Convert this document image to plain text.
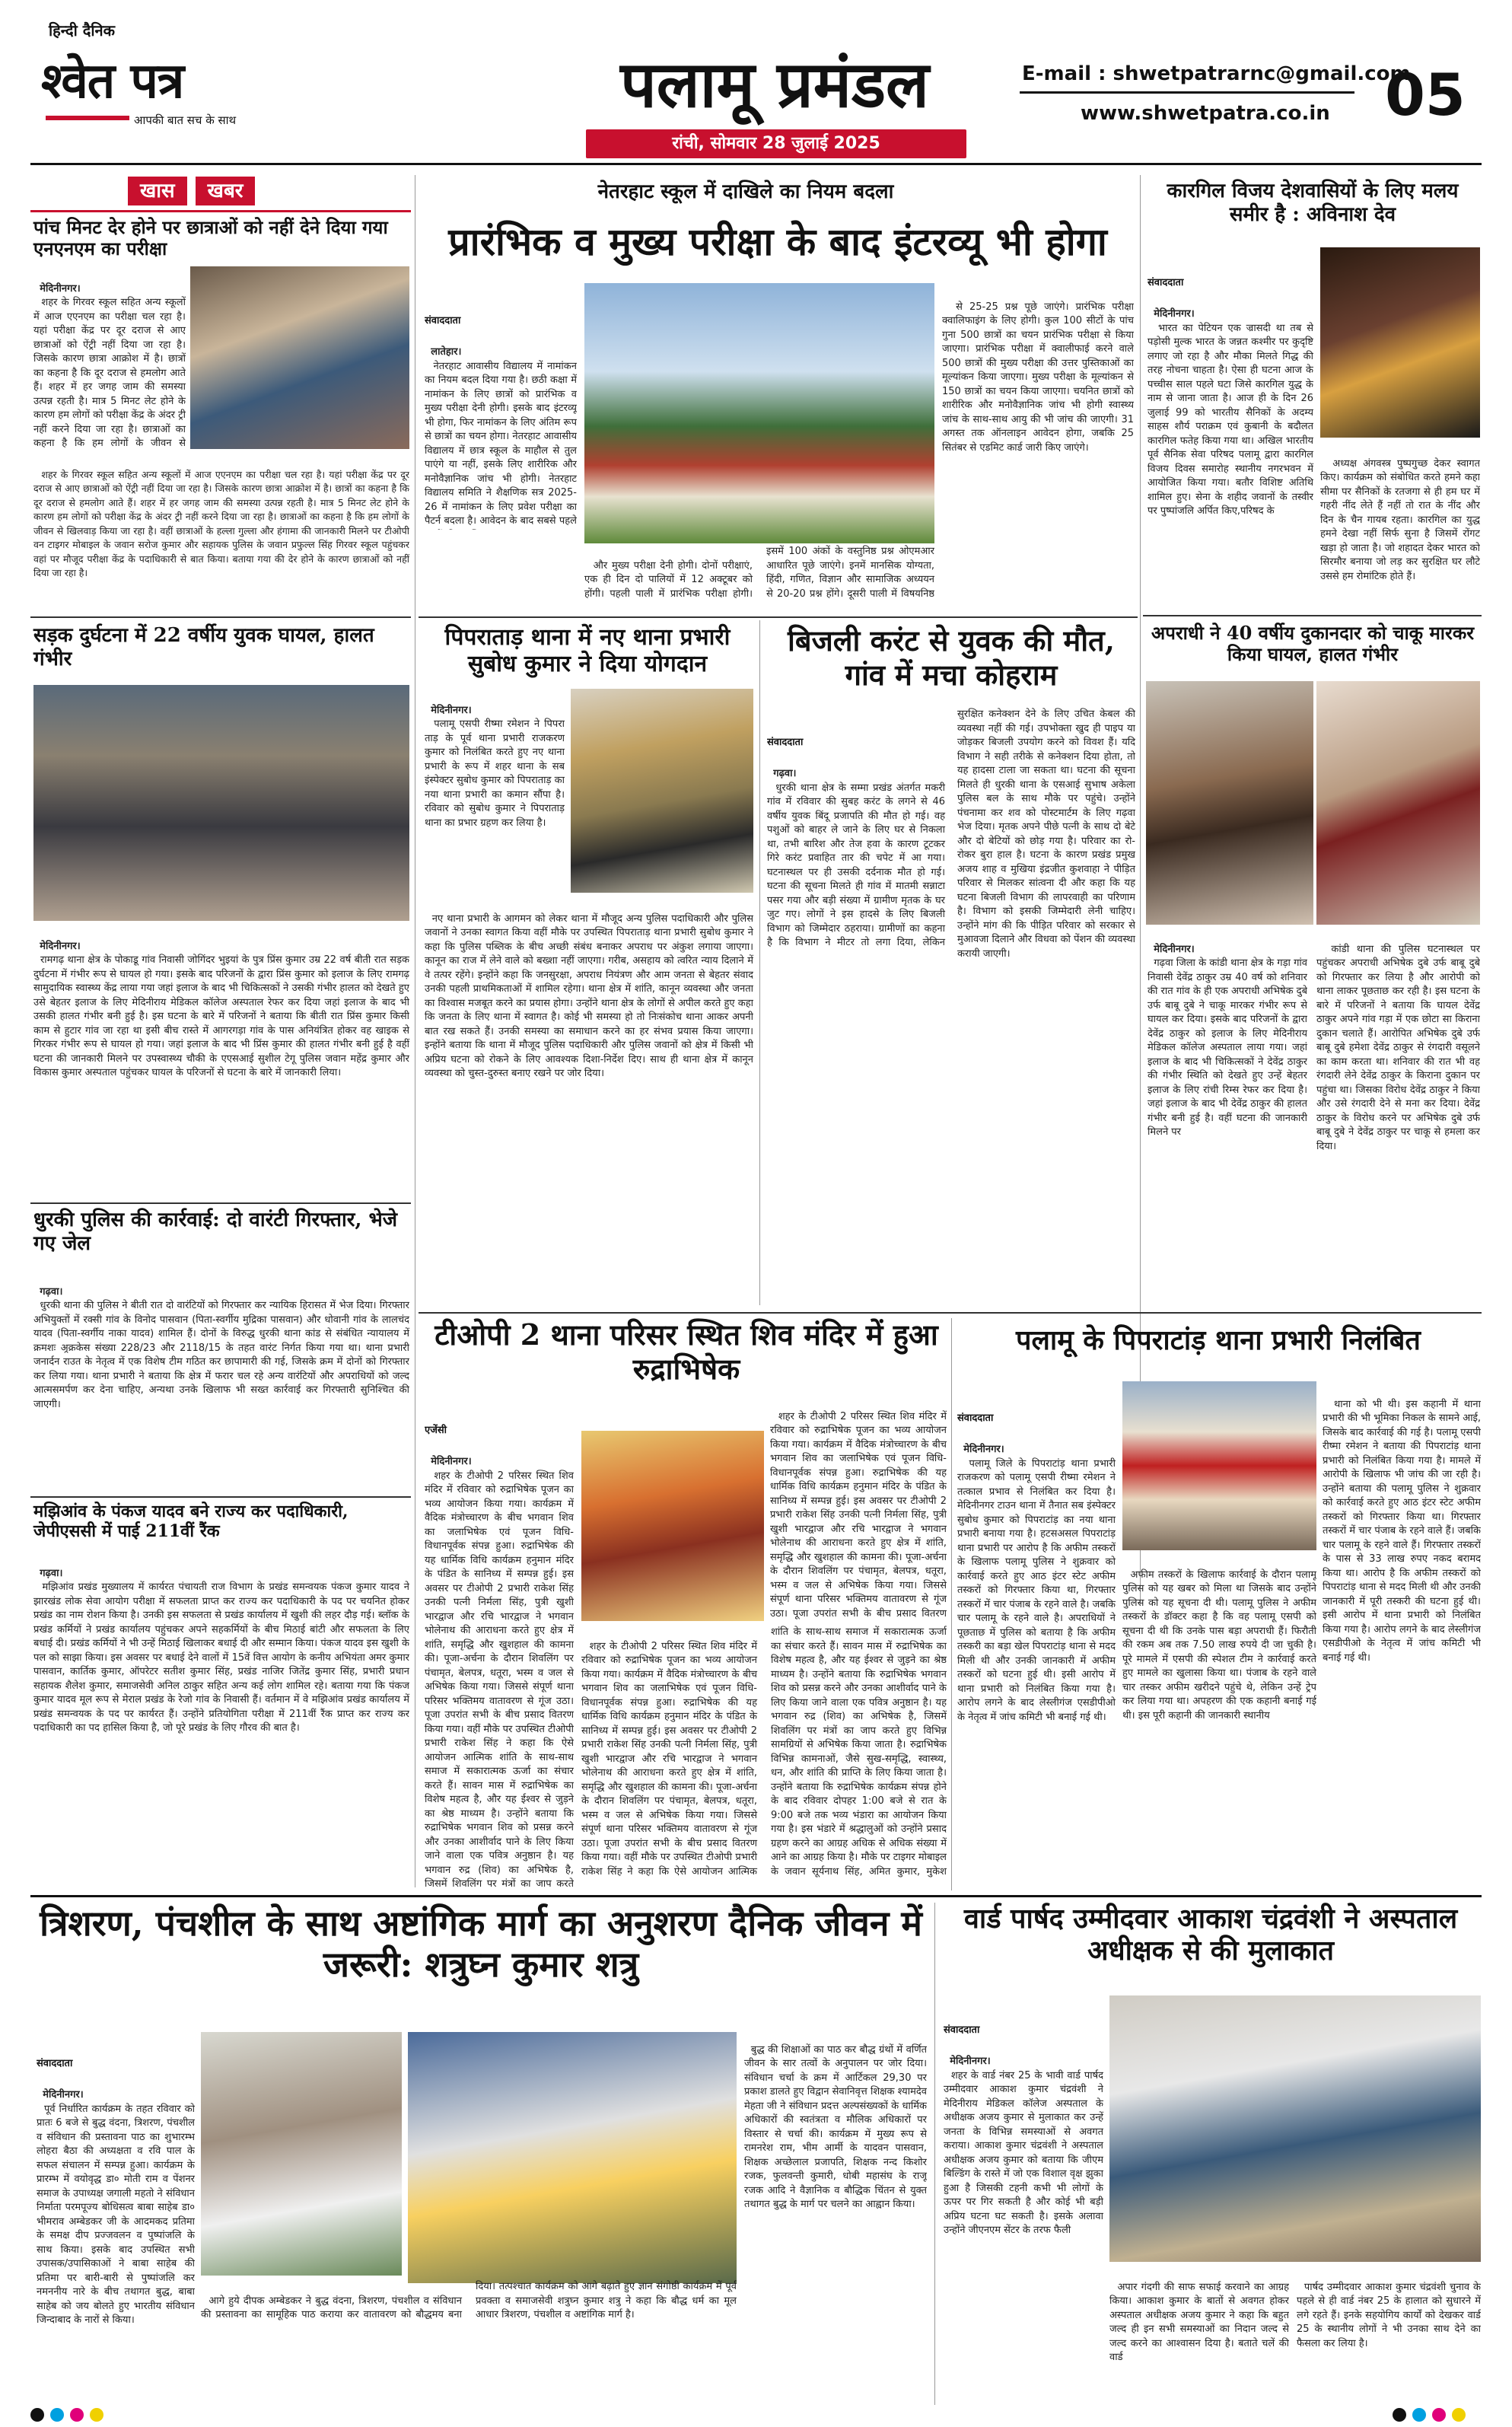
हिन्दी दैनिक
श्वेत पत्र
आपकी बात सच के साथ	पलामू प्रमंडल
रांची, सोमवार 28 जुलाई 2025
E-mail : shwetpatrarnc@gmail.com
www.shwetpatra.co.in 05
खास खबर
पांच मिनट देर होने पर छात्राओं को नहीं देने दिया गया एनएनएम का परीक्षा

मेदिनीनगर।
शहर के गिरवर स्कूल सहित अन्य स्कूलों में आज एएनएम का परीक्षा चल रहा है। यहां परीक्षा केंद्र पर दूर दराज से आए छात्राओं को ऐंट्री नहीं दिया जा रहा है। जिसके कारण छात्रा आक्रोश में है। छात्रों का कहना है कि दूर दराज से हमलोग आते हैं। शहर में हर जगह जाम की समस्या उत्पन्न रहती है। मात्र 5 मिनट लेट होने के कारण हम लोगों को परीक्षा केंद्र के अंदर ट्री नहीं करने दिया जा रहा है। छात्राओं का कहना है कि हम लोगों के जीवन से

शहर के गिरवर स्कूल सहित अन्य स्कूलों में आज एएनएम का परीक्षा चल रहा है। यहां परीक्षा केंद्र पर दूर दराज से आए छात्राओं को ऐंट्री नहीं दिया जा रहा है। जिसके कारण छात्रा आक्रोश में है। छात्रों का कहना है कि दूर दराज से हमलोग आते हैं। शहर में हर जगह जाम की समस्या उत्पन्न रहती है। मात्र 5 मिनट लेट होने के कारण हम लोगों को परीक्षा केंद्र के अंदर ट्री नहीं करने दिया जा रहा है। छात्राओं का कहना है कि हम लोगों के जीवन से खिलवाड़ किया जा रहा है। वहीं छात्राओं के हल्ला गुल्ला और हंगामा की जानकारी मिलने पर टीओपी वन टाइगर मोबाइल के जवान सरोज कुमार और सहायक पुलिस के जवान प्रफुल्ल सिंह गिरवर स्कूल पहुंचकर वहां पर मौजूद परीक्षा केंद्र के पदाधिकारी से बात किया। बताया गया की देर होने के कारण छात्राओं को नहीं दिया जा रहा है।

सड़क दुर्घटना में 22 वर्षीय युवक घायल, हालत गंभीर

मेदिनीनगर।
रामगढ़ थाना क्षेत्र के पोकाडू गांव निवासी जोगिंदर भुइयां के पुत्र प्रिंस कुमार उम्र 22 वर्ष बीती रात सड़क दुर्घटना में गंभीर रूप से घायल हो गया। इसके बाद परिजनों के द्वारा प्रिंस कुमार को इलाज के लिए रामगढ़ सामुदायिक स्वास्थ्य केंद्र लाया गया जहां इलाज के बाद भी चिकित्सकों ने उसकी गंभीर हालत को देखते हुए उसे बेहतर इलाज के लिए मेदिनीराय मेडिकल कॉलेज अस्पताल रेफर कर दिया जहां इलाज के बाद भी उसकी हालत गंभीर बनी हुई है। इस घटना के बारे में परिजनों ने बताया कि बीती रात प्रिंस कुमार किसी काम से हुटार गांव जा रहा था इसी बीच रास्ते में आगरगड़ा गांव के पास अनियंत्रित होकर वह खाइक से गिरकर गंभीर रूप से घायल हो गया। जहां इलाज के बाद भी प्रिंस कुमार की हालत गंभीर बनी हुई है वहीं घटना की जानकारी मिलने पर उपस्वास्थ्य चौकी के एएसआई सुशील टेगू पुलिस जवान महेंद्र कुमार और विकास कुमार अस्पताल पहुंचकर घायल के परिजनों से घटना के बारे में जानकारी लिया।

धुरकी पुलिस की कार्रवाई: दो वारंटी गिरफ्तार, भेजे गए जेल

गढ़वा।
धुरकी थाना की पुलिस ने बीती रात दो वारंटियों को गिरफ्तार कर न्यायिक हिरासत में भेज दिया। गिरफ्तार अभियुक्तों में रक्सी गांव के विनोद पासवान (पिता-स्वर्गीय मुद्रिका पासवान) और धोवानी गांव के लालचंद यादव (पिता-स्वर्गीय नाका यादव) शामिल हैं। दोनों के विरुद्ध धुरकी थाना कांड से संबंधित न्यायालय में क्रमशः अ्रक्रकेस संख्या 228/23 और 2118/15 के तहत वारंट निर्गत किया गया था। थाना प्रभारी जनार्दन राउत के नेतृत्व में एक विशेष टीम गठित कर छापामारी की गई, जिसके क्रम में दोनों को गिरफ्तार कर लिया गया। थाना प्रभारी ने बताया कि क्षेत्र में फरार चल रहे अन्य वारंटियों और अपराधियों को जल्द आत्मसमर्पण कर देना चाहिए, अन्यथा उनके खिलाफ भी सख्त कार्रवाई कर गिरफ्तारी सुनिश्चित की जाएगी।

मझिआंव के पंकज यादव बने राज्य कर पदाधिकारी, जेपीएससी में पाई 211वीं रैंक

गढ़वा।
मझिआंव प्रखंड मुख्यालय में कार्यरत पंचायती राज विभाग के प्रखंड समन्वयक पंकज कुमार यादव ने झारखंड लोक सेवा आयोग परीक्षा में सफलता प्राप्त कर राज्य कर पदाधिकारी के पद पर चयनित होकर प्रखंड का नाम रोशन किया है। उनकी इस सफलता से प्रखंड कार्यालय में खुशी की लहर दौड़ गई। ब्लॉक के प्रखंड कर्मियों ने प्रखंड कार्यालय पहुंचकर अपने सहकर्मियों के बीच मिठाई बांटी और सफलता के लिए बधाई दी। प्रखंड कर्मियों ने भी उन्हें मिठाई खिलाकर बधाई दी और सम्मान किया। पंकज यादव इस खुशी के पल को साझा किया। इस अवसर पर बधाई देने वालों में 15वें वित्त आयोग के कनीय अभियंता अमर कुमार पासवान, कार्तिक कुमार, ऑपरेटर सतीश कुमार सिंह, प्रखंड नाजिर जितेंद्र कुमार सिंह, प्रभारी प्रधान सहायक शैलेश कुमार, समाजसेवी अनिल ठाकुर सहित अन्य कई लोग शामिल रहे। बताया गया कि पंकज कुमार यादव मूल रूप से मेराल प्रखंड के रेजो गांव के निवासी हैं। वर्तमान में वे मझिआंव प्रखंड कार्यालय में प्रखंड समन्वयक के पद पर कार्यरत हैं। उन्होंने प्रतियोगिता परीक्षा में 211वीं रैंक प्राप्त कर राज्य कर पदाधिकारी का पद हासिल किया है, जो पूरे प्रखंड के लिए गौरव की बात है।

नेतरहाट स्कूल में दाखिले का नियम बदला
प्रारंभिक व मुख्य परीक्षा के बाद इंटरव्यू भी होगा

संवाददाता

लातेहार।
नेतरहाट आवासीय विद्यालय में नामांकन का नियम बदल दिया गया है। छठी कक्षा में नामांकन के लिए छात्रों को प्रारंभिक व मुख्य परीक्षा देनी होगी। इसके बाद इंटरव्यू भी होगा, फिर नामांकन के लिए अंतिम रूप से छात्रों का चयन होगा। नेतरहाट आवासीय विद्यालय में छात्र स्कूल के माहौल से तुल पाएंगे या नहीं, इसके लिए शारीरिक और मनोवैज्ञानिक जांच भी होगी। नेतरहाट विद्यालय समिति ने शैक्षणिक सत्र 2025-26 में नामांकन के लिए प्रवेश परीक्षा का पैटर्न बदला है। आवेदन के बाद सबसे पहले

और मुख्य परीक्षा देनी होगी। दोनों परीक्षाएं, एक ही दिन दो पालियों में 12 अक्टूबर को होंगी। पहली पाली में प्रारंभिक परीक्षा होगी। इसमें 100 अंकों के वस्तुनिष्ठ प्रश्न ओएमआर आधारित पूछे जाएंगे। इनमें मानसिक योग्यता, हिंदी, गणित, विज्ञान और सामाजिक अध्ययन से 20-20 प्रश्न होंगे। दूसरी पाली में विषयनिष्ठ

से 25-25 प्रश्न पूछे जाएंगे। प्रारंभिक परीक्षा क्वालिफाइंग के लिए होगी। कुल 100 सीटों के पांच गुना 500 छात्रों का चयन प्रारंभिक परीक्षा से किया जाएगा। प्रारंभिक परीक्षा में क्वालीफाई करने वाले 500 छात्रों की मुख्य परीक्षा की उत्तर पुस्तिकाओं का मूल्यांकन किया जाएगा। मुख्य परीक्षा के मूल्यांकन से 150 छात्रों का चयन किया जाएगा। चयनित छात्रों को शारीरिक और मनोवैज्ञानिक जांच भी होगी स्वास्थ्य जांच के साथ-साथ आयु की भी जांच की जाएगी। 31 अगस्त तक ऑनलाइन आवेदन होगा, जबकि 25 सितंबर से एडमिट कार्ड जारी किए जाएंगे।

कारगिल विजय देशवासियों के लिए मलय समीर है : अविनाश देव

संवाददाता

मेदिनीनगर।
भारत का पेटियन एक ज्रासदी था तब से पड़ोसी मुल्क भारत के जन्नत कश्मीर पर कुदृष्टि लगाए जो रहा है और मौका मिलते गिद्ध की तरह नोचना चाहता है। ऐसा ही घटना आज के पच्चीस साल पहले घटा जिसे कारगिल युद्ध के नाम से जाना जाता है। आज ही के दिन 26 जुलाई 99 को भारतीय सैनिकों के अदम्य साहस शौर्य पराक्रम एवं कुबानी के बदौलत कारगिल फतेह किया गया था। अखिल भारतीय पूर्व सैनिक सेवा परिषद पलामू द्वारा कारगिल विजय दिवस समारोह स्थानीय नगरभवन में आयोजित किया गया। बतौर विशिष्ट अतिथि शामिल हुए। सेना के शहीद जवानों के तस्वीर पर पुष्पांजलि अर्पित किए,परिषद के

अध्यक्ष अंगवस्त्र पुष्पगुच्छ देकर स्वागत किए। कार्यक्रम को संबोधित करते हमने कहा सीमा पर सैनिकों के रतजगा से ही हम घर में गहरी नींद लेते हैं नहीं तो रात के नींद और दिन के चैन गायब रहता। कारगिल का युद्ध हमने देखा नहीं सिर्फ सुना है जिसमें रोंगट खड़ा हो जाता है। जो शहादत देकर भारत को सिरमौर बनाया जो लड़ कर सुरक्षित घर लौटे उससे हम रोमांटिक होते हैं।

अपराधी ने 40 वर्षीय दुकानदार को चाकू मारकर किया घायल, हालत गंभीर

मेदिनीनगर।
गढ़वा जिला के कांडी थाना क्षेत्र के गड़ा गांव निवासी देवेंद्र ठाकुर उम्र 40 वर्ष को शनिवार की रात गांव के ही एक अपराधी अभिषेक दुबे उर्फ बाबू दुबे ने चाकू मारकर गंभीर रूप से घायल कर दिया। इसके बाद परिजनों के द्वारा देवेंद्र ठाकुर को इलाज के लिए मेदिनीराय मेडिकल कॉलेज अस्पताल लाया गया। जहां इलाज के बाद भी चिकित्सकों ने देवेंद्र ठाकुर की गंभीर स्थिति को देखते हुए उन्हें बेहतर इलाज के लिए रांची रिम्स रेफर कर दिया है। जहां इलाज के बाद भी देवेंद्र ठाकुर की हालत गंभीर बनी हुई है। वहीं घटना की जानकारी मिलने पर

कांडी थाना की पुलिस घटनास्थल पर पहुंचकर अपराधी अभिषेक दुबे उर्फ बाबू दुबे को गिरफ्तार कर लिया है और आरोपी को थाना लाकर पूछताछ कर रही है। इस घटना के बारे में परिजनों ने बताया कि घायल देवेंद्र ठाकुर अपने गांव गड़ा में एक छोटा सा किराना दुकान चलाते हैं। आरोपित अभिषेक दुबे उर्फ बाबू दुबे हमेशा देवेंद्र ठाकुर से रंगदारी वसूलने का काम करता था। शनिवार की रात भी वह रंगदारी लेने देवेंद्र ठाकुर के किराना दुकान पर पहुंचा था। जिसका विरोध देवेंद्र ठाकुर ने किया और उसे रंगदारी देने से मना कर दिया। देवेंद्र ठाकुर के विरोध करने पर अभिषेक दुबे उर्फ बाबू दुबे ने देवेंद्र ठाकुर पर चाकू से हमला कर दिया।

पिपराताड़ थाना में नए थाना प्रभारी सुबोध कुमार ने दिया योगदान

मेदिनीनगर।
पलामू एसपी रीष्मा रमेशन ने पिपरा ताड़ के पूर्व थाना प्रभारी राजकरण कुमार को निलंबित करते हुए नए थाना प्रभारी के रूप में शहर थाना के सब इंस्पेक्टर सुबोध कुमार को पिपराताड़ का नया थाना प्रभारी का कमान सौंपा है। रविवार को सुबोध कुमार ने पिपराताड़ थाना का प्रभार ग्रहण कर लिया है।

नए थाना प्रभारी के आगमन को लेकर थाना में मौजूद अन्य पुलिस पदाधिकारी और पुलिस जवानों ने उनका स्वागत किया वहीं मौके पर उपस्थित पिपराताड़ थाना प्रभारी सुबोध कुमार ने कहा कि पुलिस पब्लिक के बीच अच्छी संबंध बनाकर अपराध पर अंकुश लगाया जाएगा। कानून का राज में लेने वाले को बख्शा नहीं जाएगा। गरीब, असहाय को त्वरित न्याय दिलाने में वे तत्पर रहेंगे। इन्होंने कहा कि जनसुरक्षा, अपराध नियंत्रण और आम जनता से बेहतर संवाद उनकी पहली प्राथमिकताओं में शामिल रहेगा। थाना क्षेत्र में शांति, कानून व्यवस्था और जनता का विश्वास मजबूत करने का प्रयास होगा। उन्होंने थाना क्षेत्र के लोगों से अपील करते हुए कहा कि जनता के लिए थाना में स्वागत है। कोई भी समस्या हो तो निःसंकोच थाना आकर अपनी बात रख सकते हैं। उनकी समस्या का समाधान करने का हर संभव प्रयास किया जाएगा। इन्होंने बताया कि थाना में मौजूद पुलिस पदाधिकारी और पुलिस जवानों को क्षेत्र में किसी भी अप्रिय घटना को रोकने के लिए आवश्यक दिशा-निर्देश दिए। साथ ही थाना क्षेत्र में कानून व्यवस्था को चुस्त-दुरुस्त बनाए रखने पर जोर दिया।

बिजली करंट से युवक की मौत, गांव में मचा कोहराम

संवाददाता

गढ़वा।
धुरकी थाना क्षेत्र के सम्मा प्रखंड अंतर्गत मकरी गांव में रविवार की सुबह करंट के लगने से 46 वर्षीय युवक बिंदू प्रजापति की मौत हो गई। वह पशुओं को बाहर ले जाने के लिए घर से निकला था, तभी बारिश और तेज हवा के कारण टूटकर गिरे करंट प्रवाहित तार की चपेट में आ गया। घटनास्थल पर ही उसकी दर्दनाक मौत हो गई। घटना की सूचना मिलते ही गांव में मातमी सन्नाटा पसर गया और बड़ी संख्या में ग्रामीण मृतक के घर जुट गए। लोगों ने इस हादसे के लिए बिजली विभाग को जिम्मेदार ठहराया। ग्रामीणों का कहना है कि विभाग ने मीटर तो लगा दिया, लेकिन सुरक्षित कनेक्शन देने के लिए उचित केबल की व्यवस्था नहीं की गई। उपभोक्ता खुद ही पाइप या जोड़कर बिजली उपयोग करने को विवश हैं। यदि विभाग ने सही तरीके से कनेक्शन दिया होता, तो यह हादसा टाला जा सकता था। घटना की सूचना मिलते ही धुरकी थाना के एसआई सुभाष अकेला पुलिस बल के साथ मौके पर पहुंचे। उन्होंने पंचनामा कर शव को पोस्टमार्टम के लिए गढ़वा भेज दिया। मृतक अपने पीछे पत्नी के साथ दो बेटे और दो बेटियों को छोड़ गया है। परिवार का रो-रोकर बुरा हाल है। घटना के कारण प्रखंड प्रमुख अजय शाह व मुखिया इंद्रजीत कुशवाहा ने पीड़ित परिवार से मिलकर सांत्वना दी और कहा कि यह घटना बिजली विभाग की लापरवाही का परिणाम है। विभाग को इसकी जिम्मेदारी लेनी चाहिए। उन्होंने मांग की कि पीड़ित परिवार को सरकार से मुआवजा दिलाने और विधवा को पेंशन की व्यवस्था करायी जाएगी।

टीओपी 2 थाना परिसर स्थित शिव मंदिर में हुआ रुद्राभिषेक

एजेंसी

मेदिनीनगर।
शहर के टीओपी 2 परिसर स्थित शिव मंदिर में रविवार को रुद्राभिषेक पूजन का भव्य आयोजन किया गया। कार्यक्रम में वैदिक मंत्रोच्चारण के बीच भगवान शिव का जलाभिषेक एवं पूजन विधि-विधानपूर्वक संपन्न हुआ। रुद्राभिषेक की यह धार्मिक विधि कार्यक्रम हनुमान मंदिर के पंडित के सानिध्य में सम्पन्न हुई। इस अवसर पर टीओपी 2 प्रभारी राकेश सिंह उनकी पत्नी निर्मला सिंह, पुत्री खुशी भारद्वाज और रचि भारद्वाज ने भगवान भोलेनाथ की आराधना करते हुए क्षेत्र में शांति, समृद्धि और खुशहाल की कामना की। पूजा-अर्चना के दौरान शिवलिंग पर पंचामृत, बेलपत्र, धतूरा, भस्म व जल से अभिषेक किया गया। जिससे संपूर्ण थाना परिसर भक्तिमय वातावरण से गूंज उठा। पूजा उपरांत सभी के बीच प्रसाद वितरण किया गया। वहीं मौके पर उपस्थित टीओपी प्रभारी राकेश सिंह ने कहा कि ऐसे आयोजन आत्मिक शांति के साथ-साथ समाज में सकारात्मक ऊर्जा का संचार करते हैं। सावन मास में रुद्राभिषेक का विशेष महत्व है, और यह ईश्वर से जुड़ने का श्रेष्ठ माध्यम है। उन्होंने बताया कि रुद्राभिषेक भगवान शिव को प्रसन्न करने और उनका आशीर्वाद पाने के लिए किया जाने वाला एक पवित्र अनुष्ठान है। यह भगवान रुद्र (शिव) का अभिषेक है, जिसमें शिवलिंग पर मंत्रों का जाप करते

शहर के टीओपी 2 परिसर स्थित शिव मंदिर में रविवार को रुद्राभिषेक पूजन का भव्य आयोजन किया गया। कार्यक्रम में वैदिक मंत्रोच्चारण के बीच भगवान शिव का जलाभिषेक एवं पूजन विधि-विधानपूर्वक संपन्न हुआ। रुद्राभिषेक की यह धार्मिक विधि कार्यक्रम हनुमान मंदिर के पंडित के सानिध्य में सम्पन्न हुई। इस अवसर पर टीओपी 2 प्रभारी राकेश सिंह उनकी पत्नी निर्मला सिंह, पुत्री खुशी भारद्वाज और रचि भारद्वाज ने भगवान भोलेनाथ की आराधना करते हुए क्षेत्र में शांति, समृद्धि और खुशहाल की कामना की। पूजा-अर्चना के दौरान शिवलिंग पर पंचामृत, बेलपत्र, धतूरा, भस्म व जल से अभिषेक किया गया। जिससे संपूर्ण थाना परिसर भक्तिमय वातावरण से गूंज उठा। पूजा उपरांत सभी के बीच प्रसाद वितरण किया गया। वहीं मौके पर उपस्थित टीओपी प्रभारी राकेश सिंह ने कहा कि ऐसे आयोजन आत्मिक शांति के साथ-साथ समाज में सकारात्मक ऊर्जा का संचार करते हैं। सावन मास में रुद्राभिषेक का विशेष महत्व है, और यह ईश्वर से जुड़ने का श्रेष्ठ माध्यम है। उन्होंने बताया कि रुद्राभिषेक भगवान शिव को प्रसन्न करने और उनका आशीर्वाद पाने के लिए किया जाने वाला एक पवित्र अनुष्ठान है। यह भगवान रुद्र (शिव) का अभिषेक है, जिसमें शिवलिंग पर मंत्रों का जाप करते हुए विभिन्न सामग्रियों से अभिषेक किया जाता है। रुद्राभिषेक विभिन्न कामनाओं, जैसे सुख-समृद्धि, स्वास्थ्य, धन, और शांति की प्राप्ति के लिए किया जाता है। उन्होंने बताया कि रुद्राभिषेक कार्यक्रम संपन्न होने के बाद रविवार दोपहर 1:00 बजे से रात के 9:00 बजे तक भव्य भंडारा का आयोजन किया गया है। इस भंडारे में श्रद्धालुओं को उन्होंने प्रसाद ग्रहण करने का आग्रह अधिक से अधिक संख्या में आने का आग्रह किया है। मौके पर टाइगर मोबाइल के जवान सूर्यनाथ सिंह, अमित कुमार, मुकेश

शहर के टीओपी 2 परिसर स्थित शिव मंदिर में रविवार को रुद्राभिषेक पूजन का भव्य आयोजन किया गया। कार्यक्रम में वैदिक मंत्रोच्चारण के बीच भगवान शिव का जलाभिषेक एवं पूजन विधि-विधानपूर्वक संपन्न हुआ। रुद्राभिषेक की यह धार्मिक विधि कार्यक्रम हनुमान मंदिर के पंडित के सानिध्य में सम्पन्न हुई। इस अवसर पर टीओपी 2 प्रभारी राकेश सिंह उनकी पत्नी निर्मला सिंह, पुत्री खुशी भारद्वाज और रचि भारद्वाज ने भगवान भोलेनाथ की आराधना करते हुए क्षेत्र में शांति, समृद्धि और खुशहाल की कामना की। पूजा-अर्चना के दौरान शिवलिंग पर पंचामृत, बेलपत्र, धतूरा, भस्म व जल से अभिषेक किया गया। जिससे संपूर्ण थाना परिसर भक्तिमय वातावरण से गूंज उठा। पूजा उपरांत सभी के बीच प्रसाद वितरण

पलामू के पिपराटांड़ थाना प्रभारी निलंबित

संवाददाता

मेदिनीनगर।
पलामू जिले के पिपराटांड़ थाना प्रभारी राजकरण को पलामू एसपी रीष्मा रमेशन ने तत्काल प्रभाव से निलंबित कर दिया है। मेदिनीनगर टाउन थाना में तैनात सब इंस्पेक्टर सुबोध कुमार को पिपराटांड़ का नया थाना प्रभारी बनाया गया है। हटसअसल पिपराटांड़ थाना प्रभारी पर आरोप है कि अफीम तस्करों के खिलाफ पलामू पुलिस ने शुक्रवार को कार्रवाई करते हुए आठ इंटर स्टेट अफीम तस्करों को गिरफ्तार किया था, गिरफ्तार तस्करों में चार पंजाब के रहने वाले है। जबकि चार पलामू के रहने वाले है। अपराधियों ने पूछताछ में पुलिस को बताया है कि अफीम तस्करी का बड़ा खेल पिपराटांड़ थाना से मदद मिली थी और उनकी जानकारी में अफीम तस्करों को घटना हुई थी। इसी आरोप में थाना प्रभारी को निलंबित किया गया है। आरोप लगने के बाद लेस्लीगंज एसडीपीओ के नेतृत्व में जांच कमिटी भी बनाई गई थी।

अफीम तस्करों के खिलाफ कार्रवाई के दौरान पलामू पुलिस को यह खबर को मिला था जिसके बाद उन्होंने पुलिस को यह सूचना दी थी। पलामू पुलिस ने अफीम तस्करों के डॉक्टर कहा है कि वह पलामू एसपी को सूचना दी थी कि उनके पास बड़ा अपराधी हैं। फिरौती की रकम अब तक 7.50 लाख रुपये दी जा चुकी है। पूरे मामले में एसपी की स्पेशल टीम ने कार्रवाई करते हुए मामले का खुलासा किया था। पंजाब के रहने वाले चार तस्कर अफीम खरीदने पहुंचे थे, लेकिन उन्हें ट्रेप कर लिया गया था। अपहरण की एक कहानी बनाई गई थी। इस पूरी कहानी की जानकारी स्थानीय

थाना को भी थी। इस कहानी में थाना प्रभारी की भी भूमिका निकल के सामने आई, जिसके बाद कार्रवाई की गई है। पलामू एसपी रीष्मा रमेशन ने बताया की पिपराटांड़ थाना प्रभारी को निलंबित किया गया है। मामले में आरोपी के खिलाफ भी जांच की जा रही है। उन्होंने बताया की पलामू पुलिस ने शुक्रवार को कार्रवाई करते हुए आठ इंटर स्टेट अफीम तस्करों को गिरफ्तार किया था। गिरफ्तार तस्करों में चार पंजाब के रहने वाले हैं। जबकि चार पलामू के रहने वाले हैं। गिरफ्तार तस्करों के पास से 33 लाख रुपए नकद बरामद किया था। आरोप है कि अफीम तस्करों को पिपराटांड़ थाना से मदद मिली थी और उनकी जानकारी में पूरी तस्करी की घटना हुई थी। इसी आरोप में थाना प्रभारी को निलंबित किया गया है। आरोप लगने के बाद लेस्लीगंज एसडीपीओ के नेतृत्व में जांच कमिटी भी बनाई गई थी।

त्रिशरण, पंचशील के साथ अष्टांगिक मार्ग का अनुशरण दैनिक जीवन में जरूरी: शत्रुघ्न कुमार शत्रु

संवाददाता

मेदिनीनगर।
पूर्व निर्धारित कार्यक्रम के तहत रविवार को प्रातः 6 बजे से बुद्ध वंदना, त्रिशरण, पंचशील व संविधान की प्रस्तावना पाठ का शुभारम्भ लोहरा बैठा की अध्यक्षता व रवि पाल के सफल संचालन में सम्पन्न हुआ। कार्यक्रम के प्रारम्भ में वयोवृद्ध डा० मोती राम व पेंशनर समाज के उपाध्यक्ष जगाली महतो ने संविधान निर्माता परमपूज्य बोधिसत्व बाबा साहेब डा० भीमराव अम्बेडकर जी के आदमकद प्रतिमा के समक्ष दीप प्रज्जवलन व पुष्पांजलि के साथ किया। इसके बाद उपस्थित सभी उपासक/उपासिकाओं ने बाबा साहेब की प्रतिमा पर बारी-बारी से पुष्पांजलि कर नमननीय नारे के बीच तथागत बुद्ध, बाबा साहेब को जय बोलते हुए भारतीय संविधान जिन्दाबाद के नारों से किया।

आगे हुये दीपक अम्बेडकर ने बुद्ध वंदना, त्रिशरण, पंचशील व संविधान की प्रस्तावना का सामूहिक पाठ कराया कर वातावरण को बौद्धमय बना दिया। तत्पश्चात कार्यक्रम को आगे बढ़ाते हुए ज्ञान संगोष्ठी कार्यक्रम में पूर्व प्रवक्ता व समाजसेवी शत्रुघ्न कुमार शत्रु ने कहा कि बौद्ध धर्म का मूल आधार त्रिशरण, पंचशील व अष्टांगिक मार्ग है।

बुद्ध की शिक्षाओं का पाठ कर बौद्ध ग्रंथों में वर्णित जीवन के सार तत्वों के अनुपालन पर जोर दिया। संविधान चर्चा के क्रम में आर्टिकल 29,30 पर प्रकाश डालते हुए विद्वान सेवानिवृत्त शिक्षक श्यामदेव मेहता जी ने संविधान प्रदत्त अल्पसंख्यकों के धार्मिक अधिकारों की स्वतंत्रता व मौलिक अधिकारों पर विस्तार से चर्चा की। कार्यक्रम में मुख्य रूप से रामनरेश राम, भीम आर्मी के यादवन पासवान, शिक्षक अच्छेलाल प्रजापति, शिक्षक नन्द किशोर रजक, फुलवन्ती कुमारी, धोबी महासंघ के राजू रजक आदि ने वैज्ञानिक व बौद्धिक चिंतन से युक्त तथागत बुद्ध के मार्ग पर चलने का आह्वान किया।

वार्ड पार्षद उम्मीदवार आकाश चंद्रवंशी ने अस्पताल अधीक्षक से की मुलाकात

संवाददाता

मेदिनीनगर।
शहर के वार्ड नंबर 25 के भावी वार्ड पार्षद उम्मीदवार आकाश कुमार चंद्रवंशी ने मेदिनीराय मेडिकल कॉलेज अस्पताल के अधीक्षक अजय कुमार से मुलाकात कर उन्हें जनता के विभिन्न समस्याओं से अवगत कराया। आकाश कुमार चंद्रवंशी ने अस्पताल अधीक्षक अजय कुमार को बताया कि जीएम बिल्डिंग के रास्ते में जो एक विशाल वृक्ष झुका हुआ है जिसकी टहनी कभी भी लोगों के ऊपर पर गिर सकती है और कोई भी बड़ी अप्रिय घटना घट सकती है। इसके अलावा उन्होंने जीएनएम सेंटर के तरफ फैली

अपार गंदगी की साफ सफाई करवाने का आग्रह किया। आकाश कुमार के बातों से अवगत होकर अस्पताल अधीक्षक अजय कुमार ने कहा कि बहुत जल्द ही इन सभी समस्याओं का निदान जल्द से जल्द करने का आश्वासन दिया है। बताते चलें की वार्ड

पार्षद उम्मीदवार आकाश कुमार चंद्रवंशी चुनाव के पहले से ही वार्ड नंबर 25 के हालात को सुधारने में लगे रहते हैं। इनके सहयोगिय कार्यों को देखकर वार्ड 25 के स्थानीय लोगों ने भी उनका साथ देने का फैसला कर लिया है।
